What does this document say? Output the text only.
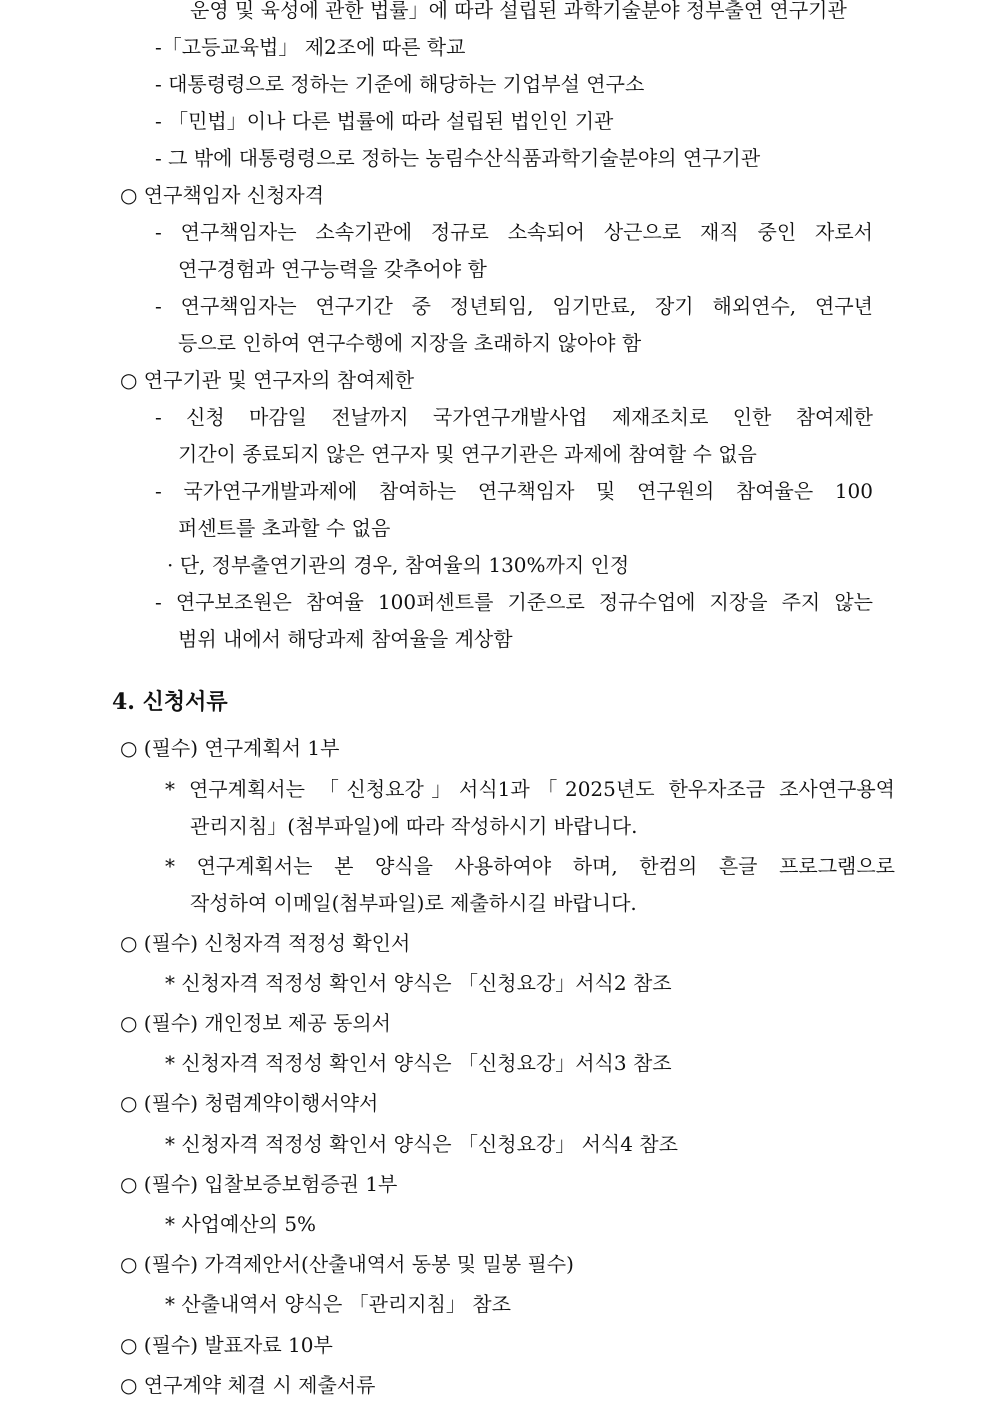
운영 및 육성에 관한 법률」에 따라 설립된 과학기술분야 정부출연 연구기관
-「고등교육법」 제2조에 따른 학교
- 대통령령으로 정하는 기준에 해당하는 기업부설 연구소
- 「민법」이나 다른 법률에 따라 설립된 법인인 기관
- 그 밖에 대통령령으로 정하는 농림수산식품과학기술분야의 연구기관
○ 연구책임자 신청자격
- 연구책임자는 소속기관에 정규로 소속되어 상근으로 재직 중인 자로서
연구경험과 연구능력을 갖추어야 함
- 연구책임자는 연구기간 중 정년퇴임, 임기만료, 장기 해외연수, 연구년
등으로 인하여 연구수행에 지장을 초래하지 않아야 함
○ 연구기관 및 연구자의 참여제한
- 신청 마감일 전날까지 국가연구개발사업 제재조치로 인한 참여제한
기간이 종료되지 않은 연구자 및 연구기관은 과제에 참여할 수 없음
- 국가연구개발과제에 참여하는 연구책임자 및 연구원의 참여율은 100
퍼센트를 초과할 수 없음
· 단, 정부출연기관의 경우, 참여율의 130%까지 인정
- 연구보조원은 참여율 100퍼센트를 기준으로 정규수업에 지장을 주지 않는
범위 내에서 해당과제 참여율을 계상함
4. 신청서류
○ (필수) 연구계획서 1부
* 연구계획서는 「신청요강」서식1과「2025년도 한우자조금 조사연구용역
관리지침」(첨부파일)에 따라 작성하시기 바랍니다.
* 연구계획서는 본 양식을 사용하여야 하며, 한컴의 흔글 프로그램으로
작성하여 이메일(첨부파일)로 제출하시길 바랍니다.
○ (필수) 신청자격 적정성 확인서
* 신청자격 적정성 확인서 양식은 「신청요강」서식2 참조
○ (필수) 개인정보 제공 동의서
* 신청자격 적정성 확인서 양식은 「신청요강」서식3 참조
○ (필수) 청렴계약이행서약서
* 신청자격 적정성 확인서 양식은 「신청요강」 서식4 참조
○ (필수) 입찰보증보험증권 1부
* 사업예산의 5%
○ (필수) 가격제안서(산출내역서 동봉 및 밀봉 필수)
* 산출내역서 양식은 「관리지침」 참조
○ (필수) 발표자료 10부
○ 연구계약 체결 시 제출서류
